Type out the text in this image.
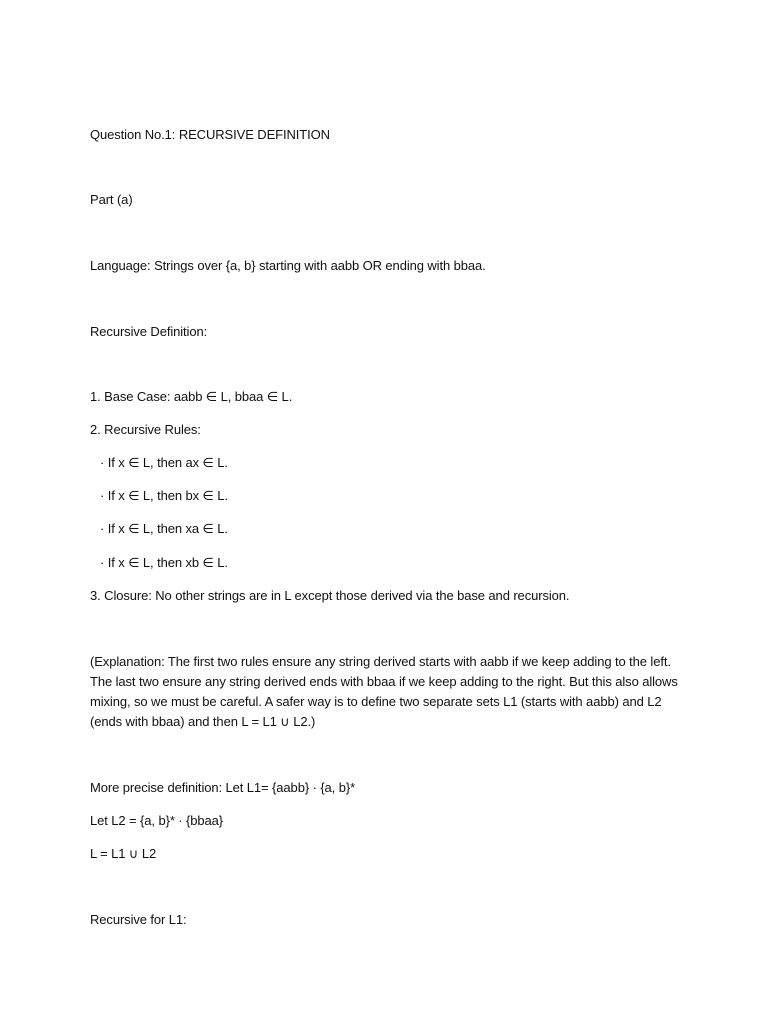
Question No.1: RECURSIVE DEFINITION
Part (a)
Language: Strings over {a, b} starting with aabb OR ending with bbaa.
Recursive Definition:
1. Base Case: aabb ∈ L, bbaa ∈ L.
2. Recursive Rules:
· If x ∈ L, then ax ∈ L.
· If x ∈ L, then bx ∈ L.
· If x ∈ L, then xa ∈ L.
· If x ∈ L, then xb ∈ L.
3. Closure: No other strings are in L except those derived via the base and recursion.
(Explanation: The first two rules ensure any string derived starts with aabb if we keep adding to the left.
The last two ensure any string derived ends with bbaa if we keep adding to the right. But this also allows
mixing, so we must be careful. A safer way is to define two separate sets L1 (starts with aabb) and L2
(ends with bbaa) and then L = L1 ∪ L2.)
More precise definition: Let L1= {aabb} · {a, b}*
Let L2 = {a, b}* · {bbaa}
L = L1 ∪ L2
Recursive for L1:
